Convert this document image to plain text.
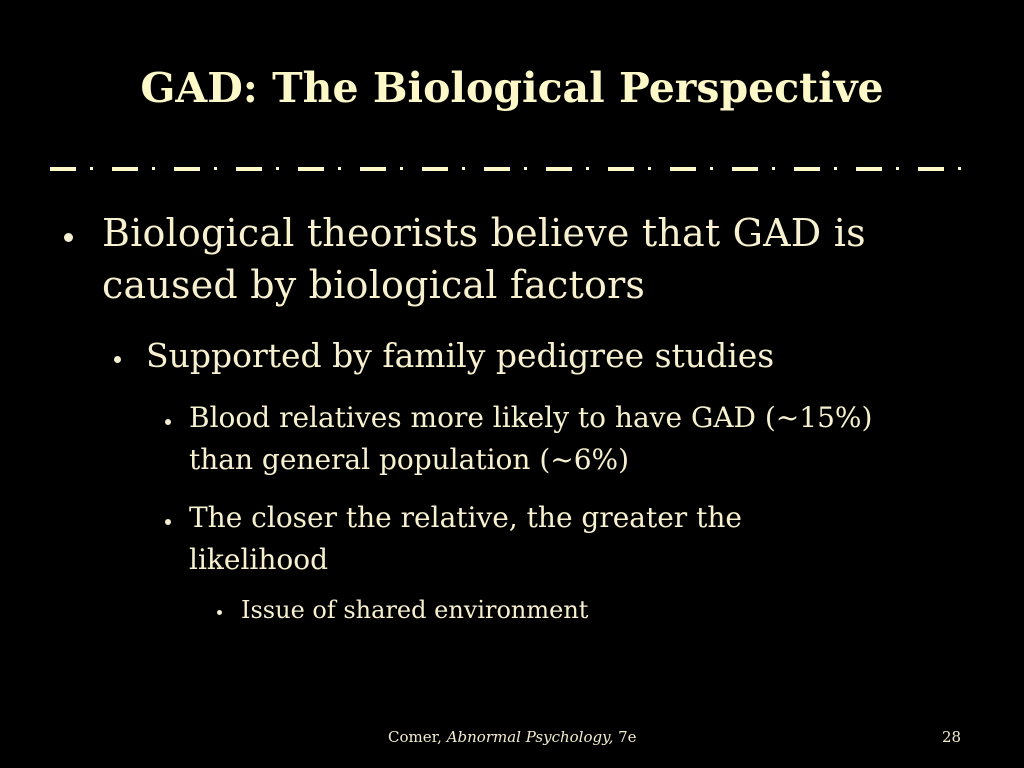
GAD: The Biological Perspective
Biological theorists believe that GAD is caused by biological factors
Supported by family pedigree studies
Blood relatives more likely to have GAD (~15%) than general population (~6%)
The closer the relative, the greater the likelihood
Issue of shared environment
Comer, Abnormal Psychology, 7e	28
